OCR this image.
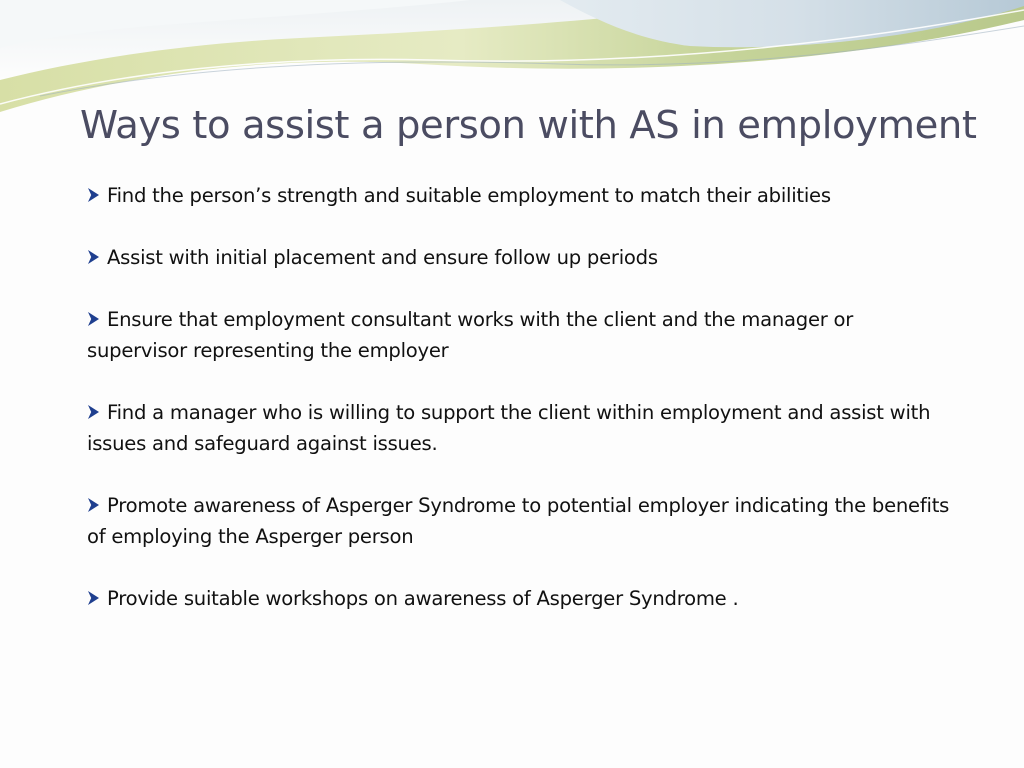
Ways to assist a person with AS in employment
Find the person’s strength and suitable employment to match their abilities
Assist with initial placement and ensure follow up periods
Ensure that employment consultant works with the client and the manager or supervisor representing the employer
Find a manager who is willing to support the client within employment and assist with issues and safeguard against issues.
Promote awareness of Asperger Syndrome to potential employer indicating the benefits of employing the Asperger person
Provide suitable workshops on awareness of Asperger Syndrome .
